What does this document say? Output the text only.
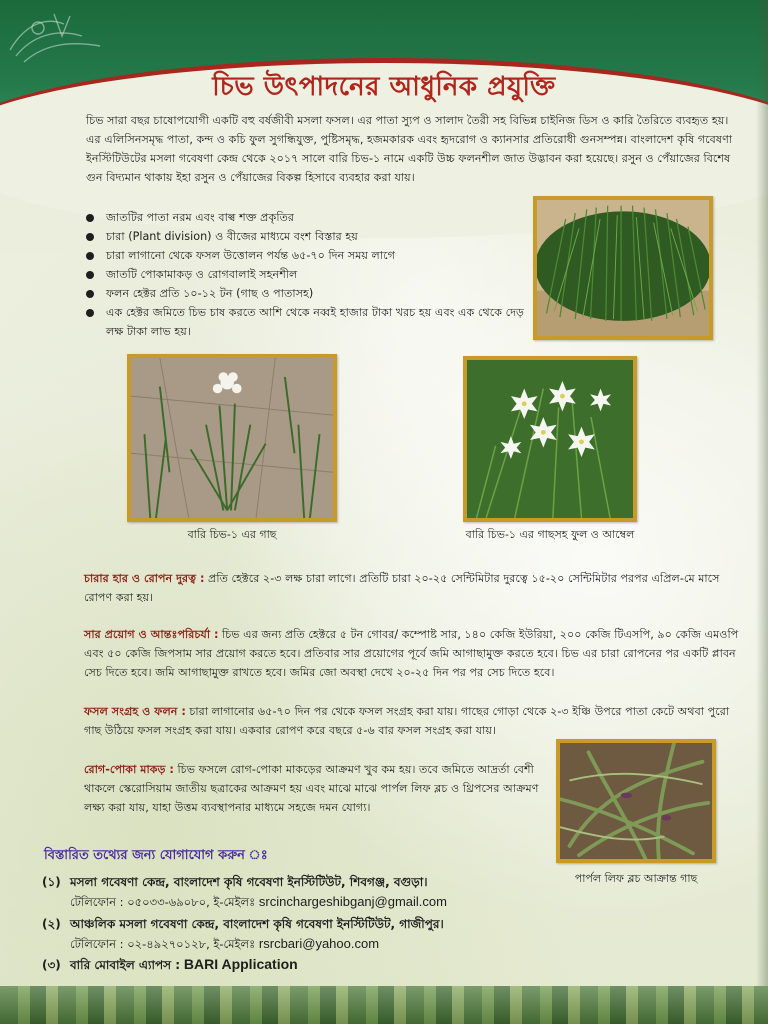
চিভ উৎপাদনের আধুনিক প্রযুক্তি

চিভ সারা বছর চাষোপযোগী একটি বহু বর্ষজীবী মসলা ফসল। এর পাতা স্যুপ ও সালাদ তৈরী সহ বিভিন্ন চাইনিজ ডিস ও কারি তৈরিতে ব্যবহৃত হয়। এর এলিসিনসমৃদ্ধ পাতা, কন্দ ও কচি ফুল সুগন্ধিযুক্ত, পুষ্টিসমৃদ্ধ, হজমকারক এবং হৃদরোগ ও ক্যানসার প্রতিরোধী গুনসম্পন্ন। বাংলাদেশ কৃষি গবেষণা ইনস্টিটিউটের মসলা গবেষণা কেন্দ্র থেকে ২০১৭ সালে বারি চিভ-১ নামে একটি উচ্চ ফলনশীল জাত উদ্ভাবন করা হয়েছে। রসুন ও পেঁয়াজের বিশেষ গুন বিদ্যমান থাকায় ইহা রসুন ও পেঁয়াজের বিকল্প হিসাবে ব্যবহার করা যায়।

জাতটির পাতা নরম এবং বাল্ব শক্ত প্রকৃতির
চারা (Plant division) ও বীজের মাধ্যমে বংশ বিস্তার হয়
চারা লাগানো থেকে ফসল উত্তোলন পর্যন্ত ৬৫-৭০ দিন সময় লাগে
জাতটি পোকামাকড় ও রোগবালাই সহনশীল
ফলন হেক্টর প্রতি ১০-১২ টন (গাছ ও পাতাসহ)
এক হেক্টর জমিতে চিভ চাষ করতে আশি থেকে নব্বই হাজার টাকা খরচ হয় এবং এক থেকে দেড় লক্ষ টাকা লাভ হয়।
বারি চিভ-১ এর গাছ	বারি চিভ-১ এর গাছসহ ফুল ও আম্বেল

চারার হার ও রোপন দুরত্ব : প্রতি হেক্টরে ২-৩ লক্ষ চারা লাগে। প্রতিটি চারা ২০-২৫ সেন্টিমিটার দুরত্বে ১৫-২০ সেন্টিমিটার পরপর এপ্রিল-মে মাসে রোপণ করা হয়।

সার প্রয়োগ ও আন্তঃপরিচর্যা : চিভ এর জন্য প্রতি হেক্টরে ৫ টন গোবর/ কম্পোষ্ট সার, ১৪০ কেজি ইউরিয়া, ২০০ কেজি টিএসপি, ৯০ কেজি এমওপি এবং ৫০ কেজি জিপসাম সার প্রয়োগ করতে হবে। প্রতিবার সার প্রয়োগের পূর্বে জমি আগাছামুক্ত করতে হবে। চিভ এর চারা রোপনের পর একটি প্লাবন সেচ দিতে হবে। জমি আগাছামুক্ত রাখতে হবে। জমির জো অবস্থা দেখে ২০-২৫ দিন পর পর সেচ দিতে হবে।

ফসল সংগ্রহ ও ফলন : চারা লাগানোর ৬৫-৭০ দিন পর থেকে ফসল সংগ্রহ করা যায়। গাছের গোড়া থেকে ২-৩ ইঞ্চি উপরে পাতা কেটে অথবা পুরো গাছ উঠিয়ে ফসল সংগ্রহ করা যায়। একবার রোপণ করে বছরে ৫-৬ বার ফসল সংগ্রহ করা যায়।

রোগ-পোকা মাকড় : চিভ ফসলে রোগ-পোকা মাকড়ের আক্রমণ খুব কম হয়। তবে জমিতে আদ্রর্তা বেশী থাকলে স্কেরোসিয়াম জাতীয় ছত্রাকের আক্রমণ হয় এবং মাঝে মাঝে পার্পল লিফ ব্লচ ও থ্রিপসের আক্রমণ লক্ষ্য করা যায়, যাহা উত্তম ব্যবস্থাপনার মাধ্যমে সহজে দমন যোগ্য।

পার্পল লিফ ব্লচ আক্রান্ত গাছ
বিস্তারিত তথ্যের জন্য যোগাযোগ করুন ঃ
(১) মসলা গবেষণা কেন্দ্র, বাংলাদেশ কৃষি গবেষণা ইনস্টিটিউট, শিবগঞ্জ, বগুড়া।
টেলিফোন : ০৫০৩৩-৬৯০৮০, ই-মেইলঃ srcinchargeshibganj@gmail.com
(২) আঞ্চলিক মসলা গবেষণা কেন্দ্র, বাংলাদেশ কৃষি গবেষণা ইনস্টিটিউট, গাজীপুর।
টেলিফোন : ০২-৪৯২৭০১২৮, ই-মেইলঃ rsrcbari@yahoo.com
(৩) বারি মোবাইল এ্যাপস : BARI Application
